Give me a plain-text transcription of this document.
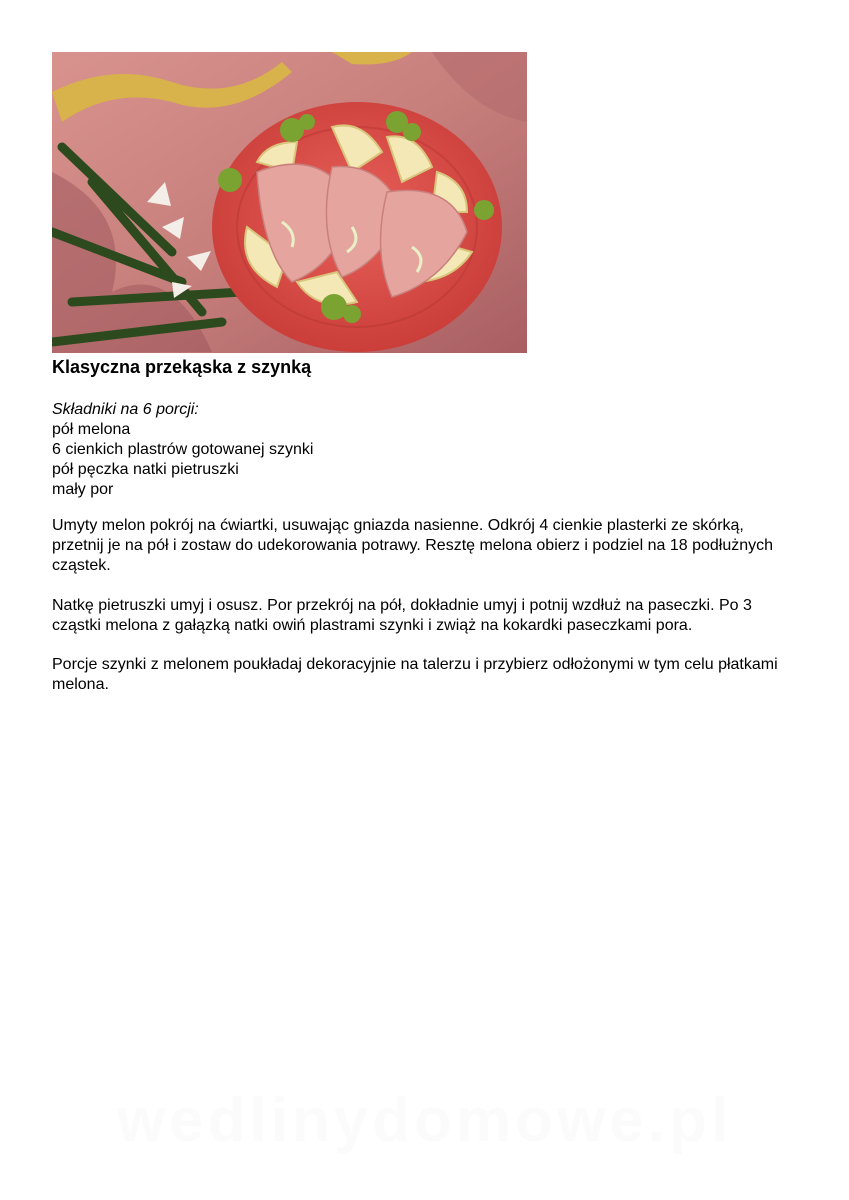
Klasyczna przekąska z szynką

Składniki na 6 porcji:

pół melona
6 cienkich plastrów gotowanej szynki
pół pęczka natki pietruszki
mały por

Umyty melon pokrój na ćwiartki, usuwając gniazda nasienne. Odkrój 4 cienkie plasterki ze skórką, przetnij je na pół i zostaw do udekorowania potrawy. Resztę melona obierz i podziel na 18 podłużnych cząstek.

Natkę pietruszki umyj i osusz. Por przekrój na pół, dokładnie umyj i potnij wzdłuż na paseczki. Po 3 cząstki melona z gałązką natki owiń plastrami szynki i zwiąż na kokardki paseczkami pora.

Porcje szynki z melonem poukładaj dekoracyjnie na talerzu i przybierz odłożonymi w tym celu płatkami melona.

wedlinydomowe.pl
